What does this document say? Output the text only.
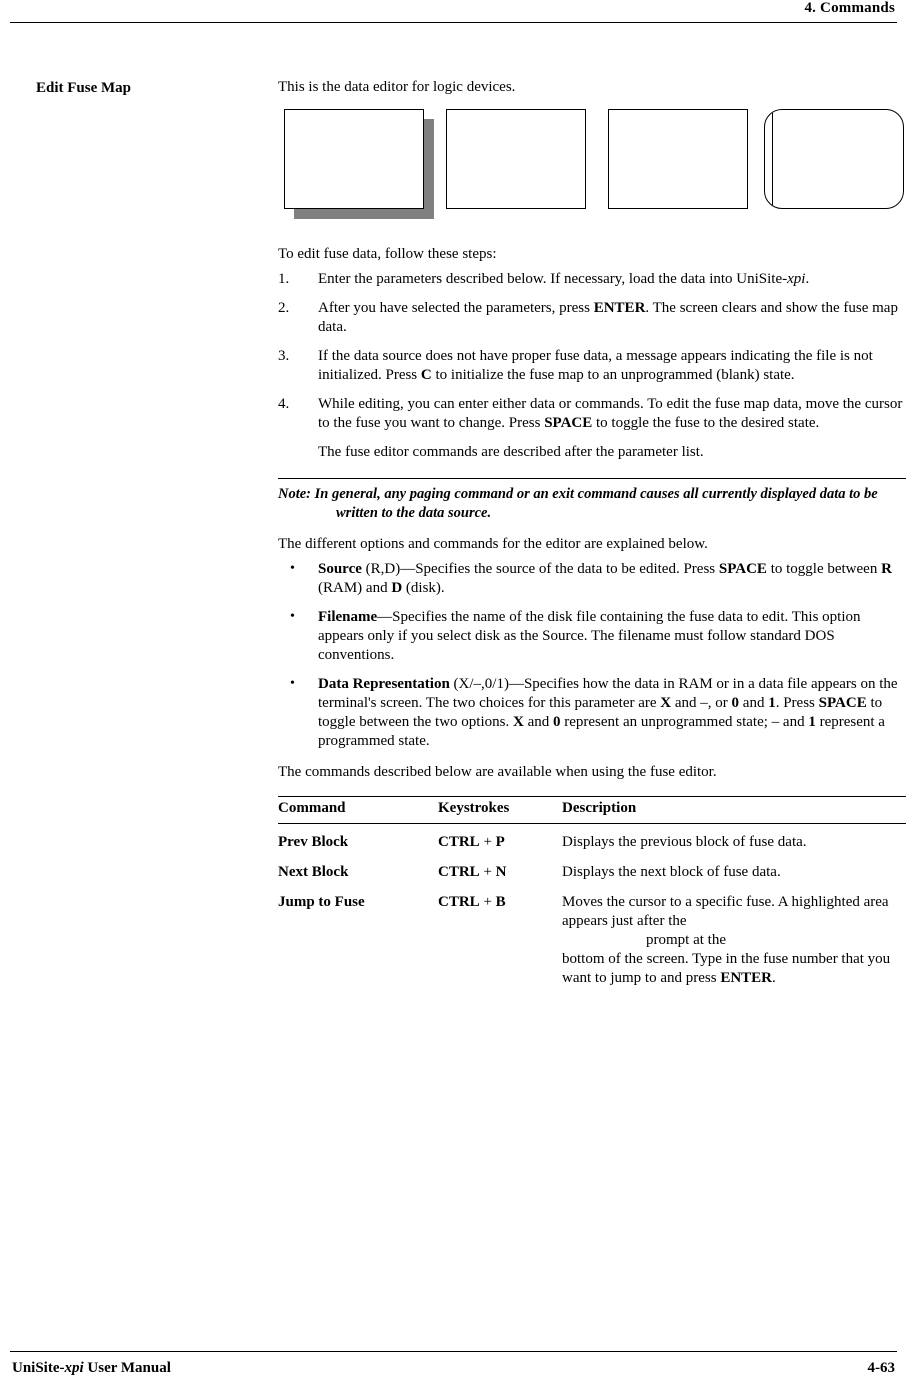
4. Commands
Edit Fuse Map	This is the data editor for logic devices.

To edit fuse data, follow these steps:

1.	Enter the parameters described below. If necessary, load the data into UniSite-xpi.
2.	After you have selected the parameters, press ENTER. The screen clears and show the fuse map data.
3.	If the data source does not have proper fuse data, a message appears indicating the file is not initialized. Press C to initialize the fuse map to an unprogrammed (blank) state.
4.	While editing, you can enter either data or commands. To edit the fuse map data, move the cursor to the fuse you want to change. Press SPACE to toggle the fuse to the desired state.

The fuse editor commands are described after the parameter list.

Note: In general, any paging command or an exit command causes all currently displayed data to be written to the data source.

The different options and commands for the editor are explained below.

• Source (R,D)—Specifies the source of the data to be edited. Press SPACE to toggle between R (RAM) and D (disk).
• Filename—Specifies the name of the disk file containing the fuse data to edit. This option appears only if you select disk as the Source. The filename must follow standard DOS conventions.
• Data Representation (X/–,0/1)—Specifies how the data in RAM or in a data file appears on the terminal's screen. The two choices for this parameter are X and –, or 0 and 1. Press SPACE to toggle between the two options. X and 0 represent an unprogrammed state; – and 1 represent a programmed state.

The commands described below are available when using the fuse editor.

Command	Keystrokes	Description
Prev Block	CTRL + P	Displays the previous block of fuse data.
Next Block	CTRL + N	Displays the next block of fuse data.
Jump to Fuse	CTRL + B	Moves the cursor to a specific fuse. A highlighted area appears just after the
prompt at the
bottom of the screen. Type in the fuse number that you want to jump to and press ENTER.
UniSite-xpi User Manual	4-63
